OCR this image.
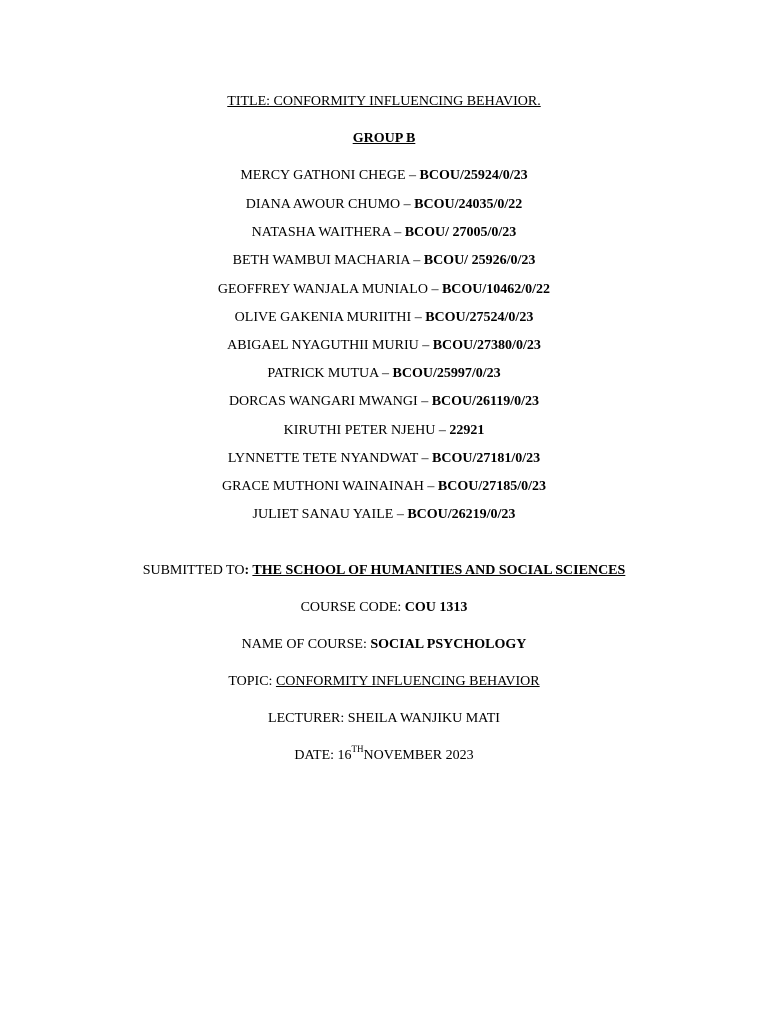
TITLE: CONFORMITY INFLUENCING BEHAVIOR.
GROUP B
MERCY GATHONI CHEGE – BCOU/25924/0/23
DIANA AWOUR CHUMO – BCOU/24035/0/22
NATASHA WAITHERA – BCOU/ 27005/0/23
BETH WAMBUI MACHARIA – BCOU/ 25926/0/23
GEOFFREY WANJALA MUNIALO – BCOU/10462/0/22
OLIVE GAKENIA MURIITHI – BCOU/27524/0/23
ABIGAEL NYAGUTHII MURIU – BCOU/27380/0/23
PATRICK MUTUA – BCOU/25997/0/23
DORCAS WANGARI MWANGI – BCOU/26119/0/23
KIRUTHI PETER NJEHU – 22921
LYNNETTE TETE NYANDWAT – BCOU/27181/0/23
GRACE MUTHONI WAINAINAH – BCOU/27185/0/23
JULIET SANAU YAILE – BCOU/26219/0/23
SUBMITTED TO: THE SCHOOL OF HUMANITIES AND SOCIAL SCIENCES
COURSE CODE: COU 1313
NAME OF COURSE: SOCIAL PSYCHOLOGY
TOPIC: CONFORMITY INFLUENCING BEHAVIOR
LECTURER: SHEILA WANJIKU MATI
DATE: 16THNOVEMBER 2023
